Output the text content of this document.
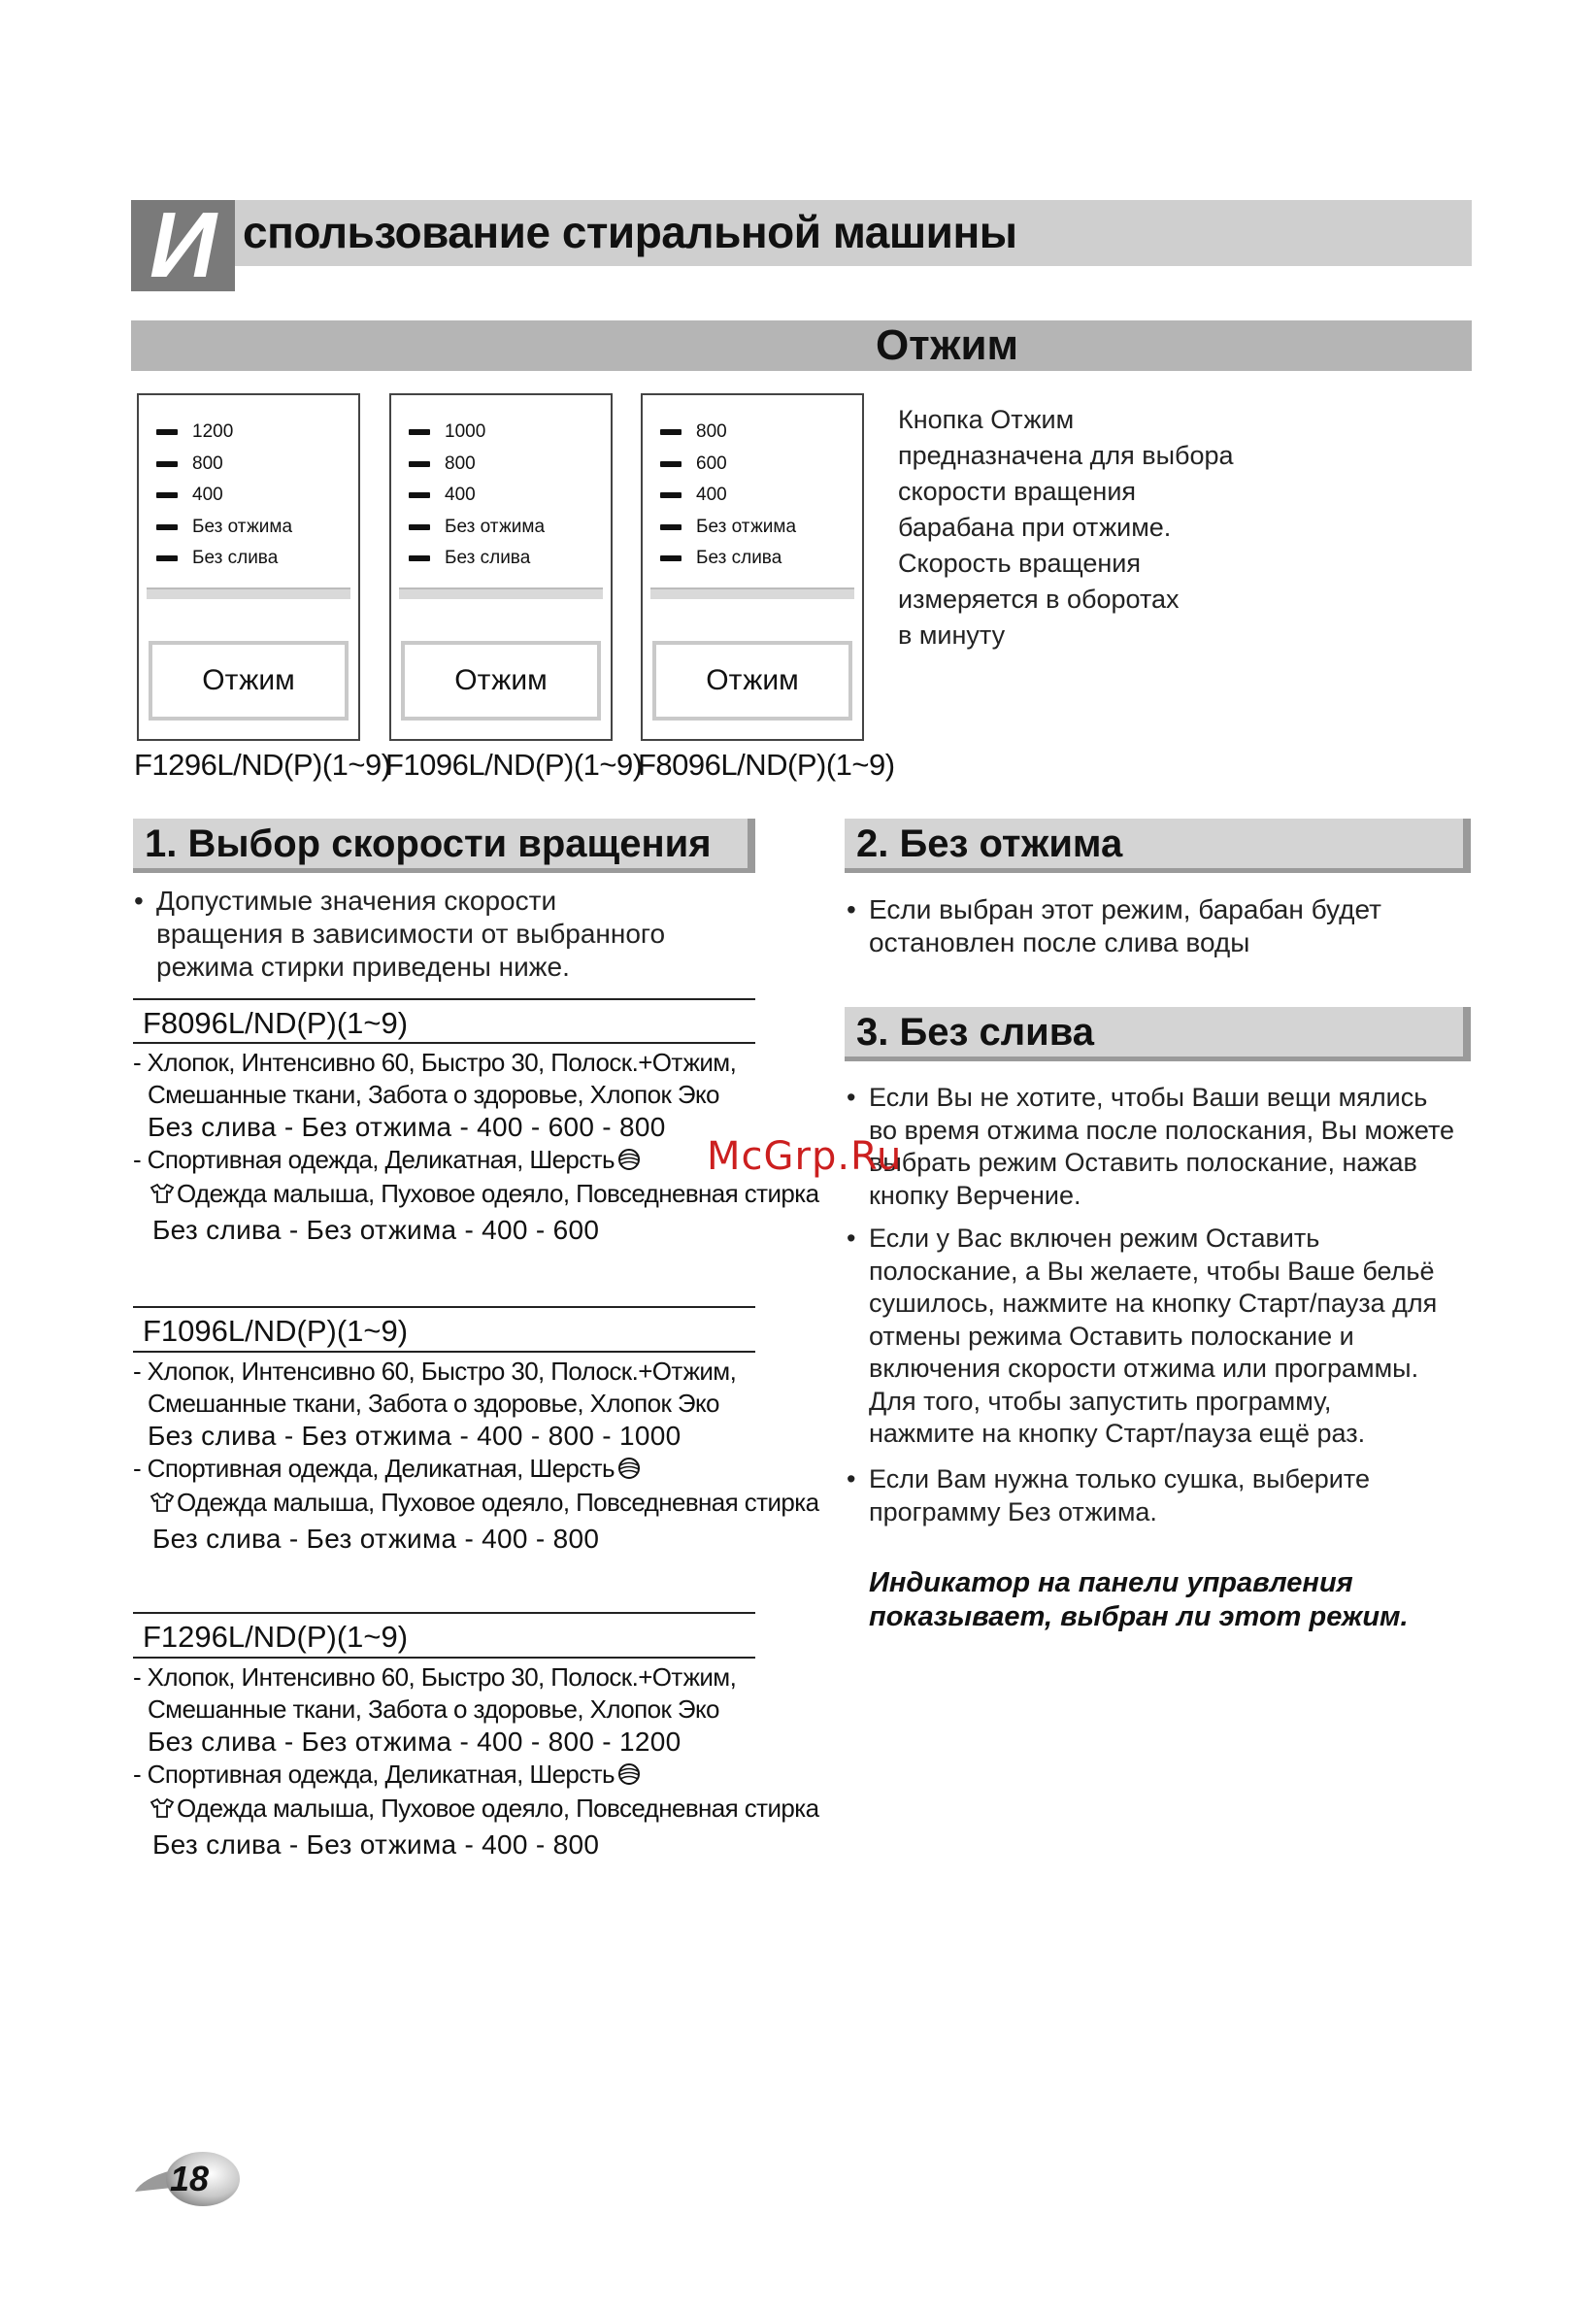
И спользование стиральной машины
Отжим
1200
800
400
Без отжима
Без слива
Отжим
F1296L/ND(P)(1~9)
1000
800
400
Без отжима
Без слива
Отжим
F1096L/ND(P)(1~9)
800
600
400
Без отжима
Без слива
Отжим
F8096L/ND(P)(1~9)
Кнопка Отжим
предназначена для выбора
скорости вращения
барабана при отжиме.
Скорость вращения
измеряется в оборотах
в минуту
1. Выбор скорости вращения
• Допустимые значения скорости
вращения в зависимости от выбранного
режима стирки приведены ниже.
F8096L/ND(P)(1~9)
- Хлопок, Интенсивно 60, Быстро 30, Полоск.+Отжим,
Смешанные ткани, Забота о здоровье, Хлопок Эко
Без слива - Без отжима - 400 - 600 - 800
- Спортивная одежда, Деликатная, Шерсть
Одежда малыша, Пуховое одеяло, Повседневная стирка
Без слива - Без отжима - 400 - 600
F1096L/ND(P)(1~9)
- Хлопок, Интенсивно 60, Быстро 30, Полоск.+Отжим,
Смешанные ткани, Забота о здоровье, Хлопок Эко
Без слива - Без отжима - 400 - 800 - 1000
- Спортивная одежда, Деликатная, Шерсть
Одежда малыша, Пуховое одеяло, Повседневная стирка
Без слива - Без отжима - 400 - 800
F1296L/ND(P)(1~9)
- Хлопок, Интенсивно 60, Быстро 30, Полоск.+Отжим,
Смешанные ткани, Забота о здоровье, Хлопок Эко
Без слива - Без отжима - 400 - 800 - 1200
- Спортивная одежда, Деликатная, Шерсть
Одежда малыша, Пуховое одеяло, Повседневная стирка
Без слива - Без отжима - 400 - 800
2. Без отжима
• Если выбран этот режим, барабан будет
остановлен после слива воды
3. Без слива

• Если Вы не хотите, чтобы Ваши вещи мялись
во время отжима после полоскания, Вы можете
выбрать режим Оставить полоскание, нажав
кнопку Верчение.

• Если у Вас включен режим Оставить
полоскание, а Вы желаете, чтобы Ваше бельё
сушилось, нажмите на кнопку Старт/пауза для
отмены режима Оставить полоскание и
включения скорости отжима или программы.
Для того, чтобы запустить программу,
нажмите на кнопку Старт/пауза ещё раз.

• Если Вам нужна только сушка, выберите
программу Без отжима.

Индикатор на панели управления
показывает, выбран ли этот режим.
McGrp.Ru
18
